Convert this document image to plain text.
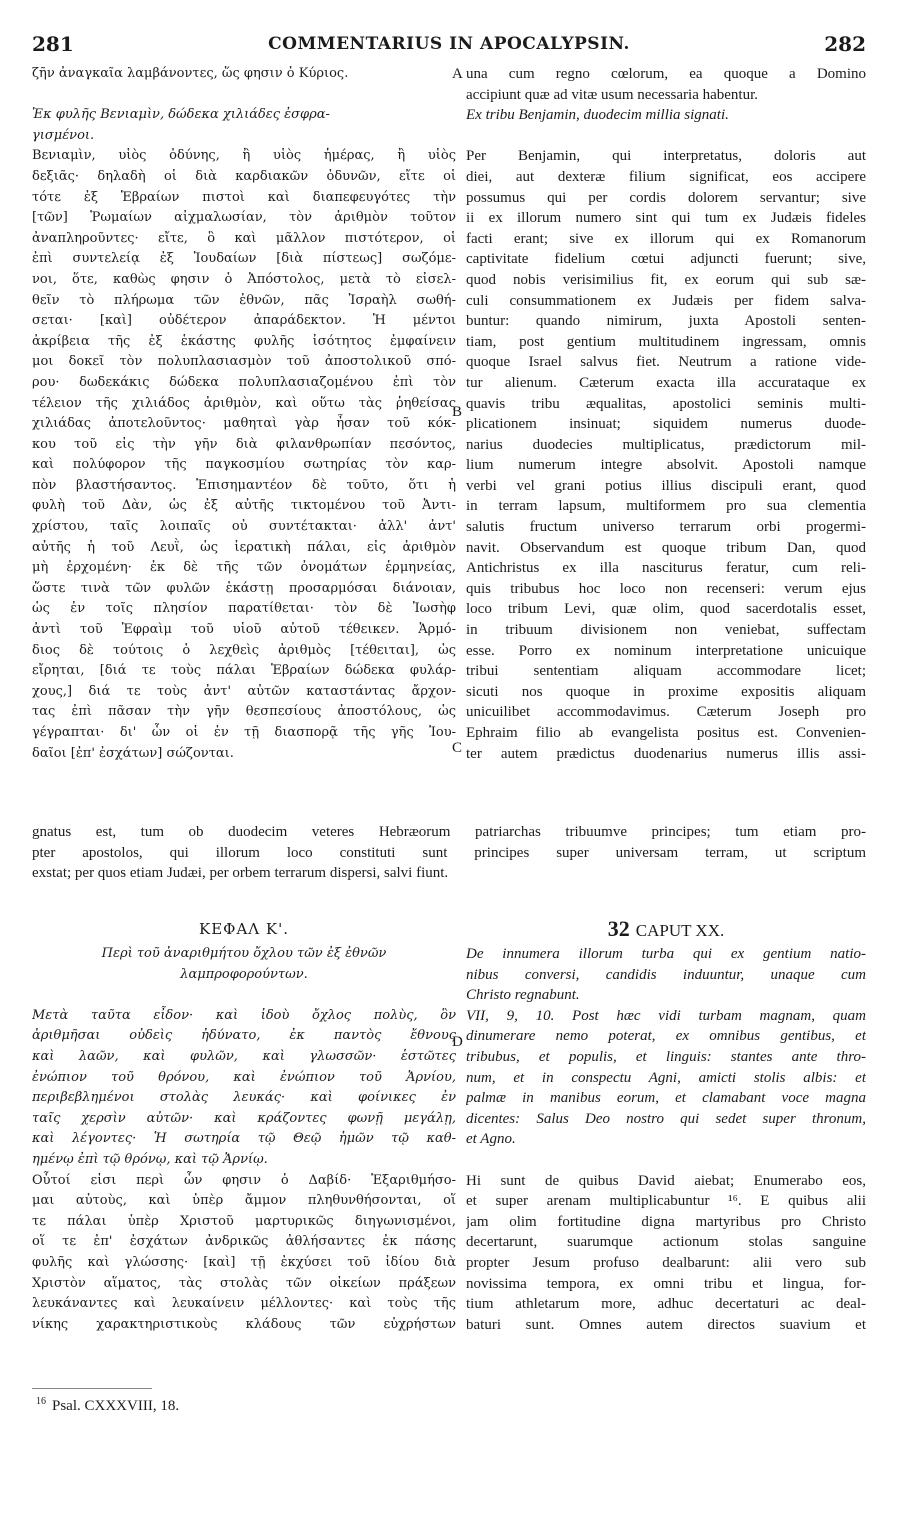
281	COMMENTARIUS IN APOCALYPSIN.	282
ζῆν ἀναγκαῖα λαμβάνοντες, ὥς φησιν ὁ Κύριος.

Ἐκ φυλῆς Βενιαμὶν, δώδεκα χιλιάδες ἐσφρα-
γισμένοι.
Βενιαμὶν, υἱὸς ὀδύνης, ἢ υἱὸς ἡμέρας, ἢ υἱὸς
δεξιᾶς· δηλαδὴ οἱ διὰ καρδιακῶν ὀδυνῶν, εἴτε οἱ
τότε ἐξ Ἑβραίων πιστοὶ καὶ διαπεφευγότες τὴν
[τῶν] Ῥωμαίων αἰχμαλωσίαν, τὸν ἀριθμὸν τοῦτον
ἀναπληροῦντες· εἴτε, ὃ καὶ μᾶλλον πιστότερον, οἱ
ἐπὶ συντελείᾳ ἐξ Ἰουδαίων [διὰ πίστεως] σωζόμε-
νοι, ὅτε, καθὼς φησιν ὁ Ἀπόστολος, μετὰ τὸ εἰσελ-
θεῖν τὸ πλήρωμα τῶν ἐθνῶν, πᾶς Ἰσραὴλ σωθή-
σεται· [καὶ] οὐδέτερον ἀπαράδεκτον. Ἡ μέντοι
ἀκρίβεια τῆς ἐξ ἑκάστης φυλῆς ἰσότητος ἐμφαίνειν
μοι δοκεῖ τὸν πολυπλασιασμὸν τοῦ ἀποστολικοῦ σπό-
ρου· δωδεκάκις δώδεκα πολυπλασιαζομένου ἐπὶ τὸν
τέλειον τῆς χιλιάδος ἀριθμὸν, καὶ οὕτω τὰς ῥηθείσας
χιλιάδας ἀποτελοῦντος· μαθηταὶ γὰρ ἦσαν τοῦ κόκ-
κου τοῦ εἰς τὴν γῆν διὰ φιλανθρωπίαν πεσόντος,
καὶ πολύφορον τῆς παγκοσμίου σωτηρίας τὸν καρ-
πὸν βλαστήσαντος. Ἐπισημαντέον δὲ τοῦτο, ὅτι ἡ
φυλὴ τοῦ Δὰν, ὡς ἐξ αὐτῆς τικτομένου τοῦ Ἀντι-
χρίστου, ταῖς λοιπαῖς οὐ συντέτακται· ἀλλ' ἀντ'
αὐτῆς ἡ τοῦ Λευῒ, ὡς ἱερατικὴ πάλαι, εἰς ἀριθμὸν
μὴ ἐρχομένη· ἐκ δὲ τῆς τῶν ὀνομάτων ἑρμηνείας,
ὥστε τινὰ τῶν φυλῶν ἑκάστῃ προσαρμόσαι διάνοιαν,
ὡς ἐν τοῖς πλησίον παρατίθεται· τὸν δὲ Ἰωσὴφ
ἀντὶ τοῦ Ἐφραὶμ τοῦ υἱοῦ αὐτοῦ τέθεικεν. Ἁρμό-
διος δὲ τούτοις ὁ λεχθεὶς ἀριθμὸς [τέθειται], ὡς
εἴρηται, [διά τε τοὺς πάλαι Ἑβραίων δώδεκα φυλάρ-
χους,] διά τε τοὺς ἀντ' αὐτῶν καταστάντας ἄρχον-
τας ἐπὶ πᾶσαν τὴν γῆν θεσπεσίους ἀποστόλους, ὡς
γέγραπται· δι' ὧν οἱ ἐν τῇ διασπορᾷ τῆς γῆς Ἰου-
δαῖοι [ἐπ' ἐσχάτων] σώζονται.
una cum regno cœlorum, ea quoque a Domino
accipiunt quæ ad vitæ usum necessaria habentur.
Ex tribu Benjamin, duodecim millia signati.

Per Benjamin, qui interpretatus, doloris aut
diei, aut dexteræ filium significat, eos accipere
possumus qui per cordis dolorem servantur; sive
ii ex illorum numero sint qui tum ex Judæis fideles
facti erant; sive ex illorum qui ex Romanorum
captivitate fidelium cœtui adjuncti fuerunt; sive,
quod nobis verisimilius fit, ex eorum qui sub sæ-
culi consummationem ex Judæis per fidem salva-
buntur: quando nimirum, juxta Apostoli senten-
tiam, post gentium multitudinem ingressam, omnis
quoque Israel salvus fiet. Neutrum a ratione vide-
tur alienum. Cæterum exacta illa accurataque ex
quavis tribu æqualitas, apostolici seminis multi-
plicationem insinuat; siquidem numerus duode-
narius duodecies multiplicatus, prædictorum mil-
lium numerum integre absolvit. Apostoli namque
verbi vel grani potius illius discipuli erant, quod
in terram lapsum, multiformem pro sua clementia
salutis fructum universo terrarum orbi progermi-
navit. Observandum est quoque tribum Dan, quod
Antichristus ex illa nasciturus feratur, cum reli-
quis tribubus hoc loco non recenseri: verum ejus
loco tribum Levi, quæ olim, quod sacerdotalis esset,
in tribuum divisionem non veniebat, suffectam
esse. Porro ex nominum interpretatione unicuique
tribui sententiam aliquam accommodare licet;
sicuti nos quoque in proxime expositis aliquam
unicuilibet accommodavimus. Cæterum Joseph pro
Ephraim filio ab evangelista positus est. Convenien-
ter autem prædictus duodenarius numerus illis assi-
A
B
C
D
gnatus est, tum ob duodecim veteres Hebræorum patriarchas tribuumve principes; tum etiam pro-
pter apostolos, qui illorum loco constituti sunt principes super universam terram, ut scriptum
exstat; per quos etiam Judæi, per orbem terrarum dispersi, salvi fiunt.
ΚΕΦΑΛ Κ'.	32 CAPUT XX.
Περὶ τοῦ ἀναριθμήτου ὄχλου τῶν ἐξ ἐθνῶν
λαμπροφορούντων.

Μετὰ ταῦτα εἶδον· καὶ ἰδοὺ ὄχλος πολὺς, ὃν
ἀριθμῆσαι οὐδεὶς ἠδύνατο, ἐκ παντὸς ἔθνους
καὶ λαῶν, καὶ φυλῶν, καὶ γλωσσῶν· ἑστῶτες
ἐνώπιον τοῦ θρόνου, καὶ ἐνώπιον τοῦ Ἀρνίου,
περιβεβλημένοι στολὰς λευκάς· καὶ φοίνικες ἐν
ταῖς χερσὶν αὐτῶν· καὶ κράζοντες φωνῇ μεγάλῃ,
καὶ λέγοντες· Ἡ σωτηρία τῷ Θεῷ ἡμῶν τῷ καθ-
ημένῳ ἐπὶ τῷ θρόνῳ, καὶ τῷ Ἀρνίῳ.
Οὗτοί εἰσι περὶ ὧν φησιν ὁ Δαβίδ· Ἐξαριθμήσο-
μαι αὐτοὺς, καὶ ὑπὲρ ἄμμον πληθυνθήσονται, οἵ
τε πάλαι ὑπὲρ Χριστοῦ μαρτυρικῶς διηγωνισμένοι,
οἵ τε ἐπ' ἐσχάτων ἀνδρικῶς ἀθλήσαντες ἐκ πάσης
φυλῆς καὶ γλώσσης· [καὶ] τῇ ἐκχύσει τοῦ ἰδίου διὰ
Χριστὸν αἵματος, τὰς στολὰς τῶν οἰκείων πράξεων
λευκάναντες καὶ λευκαίνειν μέλλοντες· καὶ τοὺς τῆς
νίκης χαρακτηριστικοὺς κλάδους τῶν εὐχρήστων
De innumera illorum turba qui ex gentium natio-
nibus conversi, candidis induuntur, unaque cum
Christo regnabunt.
VII, 9, 10. Post hæc vidi turbam magnam, quam
dinumerare nemo poterat, ex omnibus gentibus, et
tribubus, et populis, et linguis: stantes ante thro-
num, et in conspectu Agni, amicti stolis albis: et
palmæ in manibus eorum, et clamabant voce magna
dicentes: Salus Deo nostro qui sedet super thronum,
et Agno.

Hi sunt de quibus David aiebat; Enumerabo eos,
et super arenam multiplicabuntur ¹⁶. E quibus alii
jam olim fortitudine digna martyribus pro Christo
decertarunt, suarumque actionum stolas sanguine
propter Jesum profuso dealbarunt: alii vero sub
novissima tempora, ex omni tribu et lingua, for-
tium athletarum more, adhuc decertaturi ac deal-
baturi sunt. Omnes autem directos suavium et
$^{16}$ Psal. CXXXVIII, 18.
